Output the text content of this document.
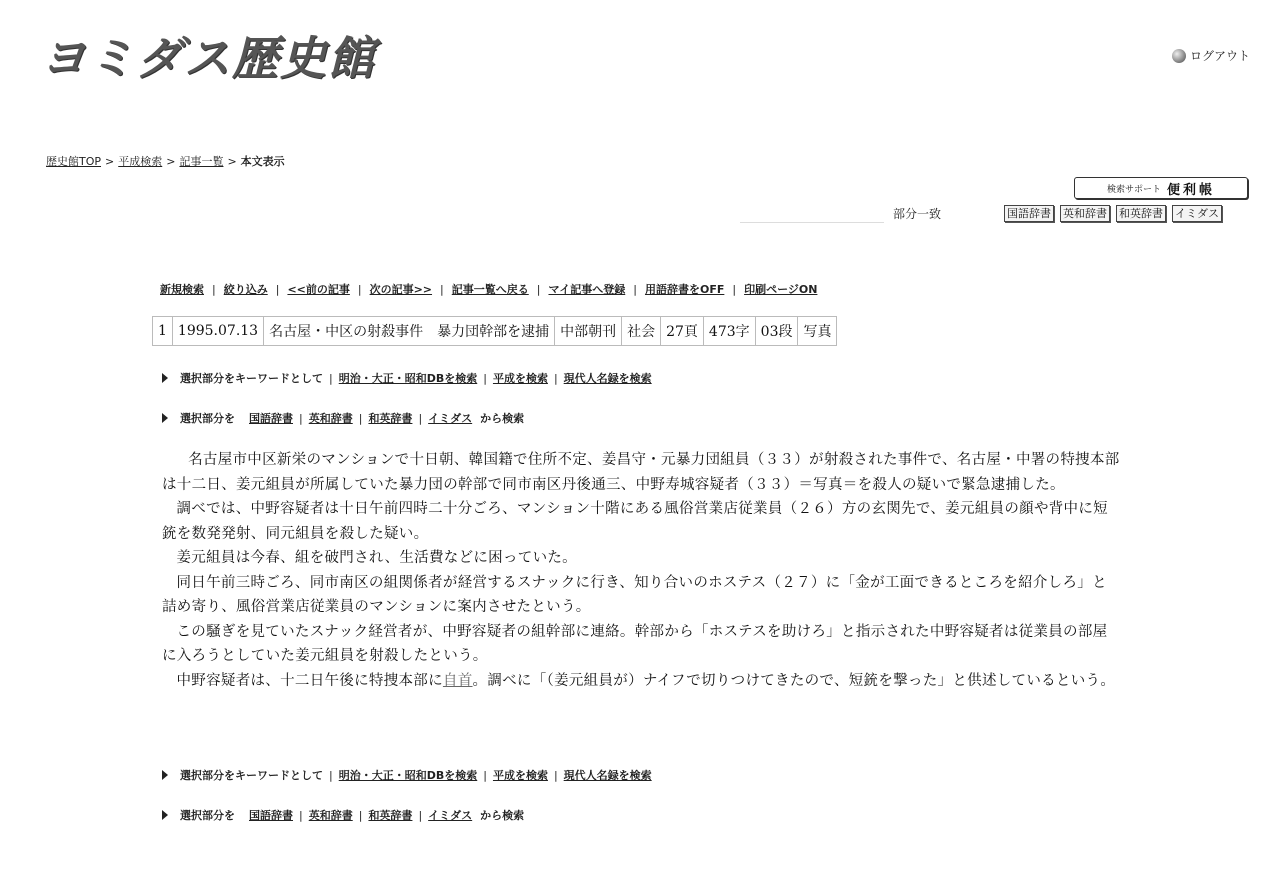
ヨミダス歴史館	ログアウト
歴史館TOP > 平成検索 > 記事一覧 > 本文表示
検索サポート 便利帳
部分一致	国語辞書 英和辞書 和英辞書 イミダス
新規検索 | 絞り込み | <<前の記事 | 次の記事>> | 記事一覧へ戻る | マイ記事へ登録 | 用語辞書をOFF | 印刷ページON
1	1995.07.13	名古屋・中区の射殺事件　暴力団幹部を逮捕	中部朝刊	社会	27頁	473字	03段	写真
選択部分をキーワードとして | 明治・大正・昭和DBを検索 | 平成を検索 | 現代人名録を検索
選択部分を 国語辞書 | 英和辞書 | 和英辞書 | イミダス から検索

名古屋市中区新栄のマンションで十日朝、韓国籍で住所不定、姜昌守・元暴力団組員（３３）が射殺された事件で、名古屋・中署の特捜本部は十二日、姜元組員が所属していた暴力団の幹部で同市南区丹後通三、中野寿城容疑者（３３）＝写真＝を殺人の疑いで緊急逮捕した。

調べでは、中野容疑者は十日午前四時二十分ごろ、マンション十階にある風俗営業店従業員（２６）方の玄関先で、姜元組員の顔や背中に短銃を数発発射、同元組員を殺した疑い。

姜元組員は今春、組を破門され、生活費などに困っていた。

同日午前三時ごろ、同市南区の組関係者が経営するスナックに行き、知り合いのホステス（２７）に「金が工面できるところを紹介しろ」と詰め寄り、風俗営業店従業員のマンションに案内させたという。

この騒ぎを見ていたスナック経営者が、中野容疑者の組幹部に連絡。幹部から「ホステスを助けろ」と指示された中野容疑者は従業員の部屋に入ろうとしていた姜元組員を射殺したという。

中野容疑者は、十二日午後に特捜本部に自首。調べに「（姜元組員が）ナイフで切りつけてきたので、短銃を撃った」と供述しているという。

選択部分をキーワードとして | 明治・大正・昭和DBを検索 | 平成を検索 | 現代人名録を検索
選択部分を 国語辞書 | 英和辞書 | 和英辞書 | イミダス から検索
